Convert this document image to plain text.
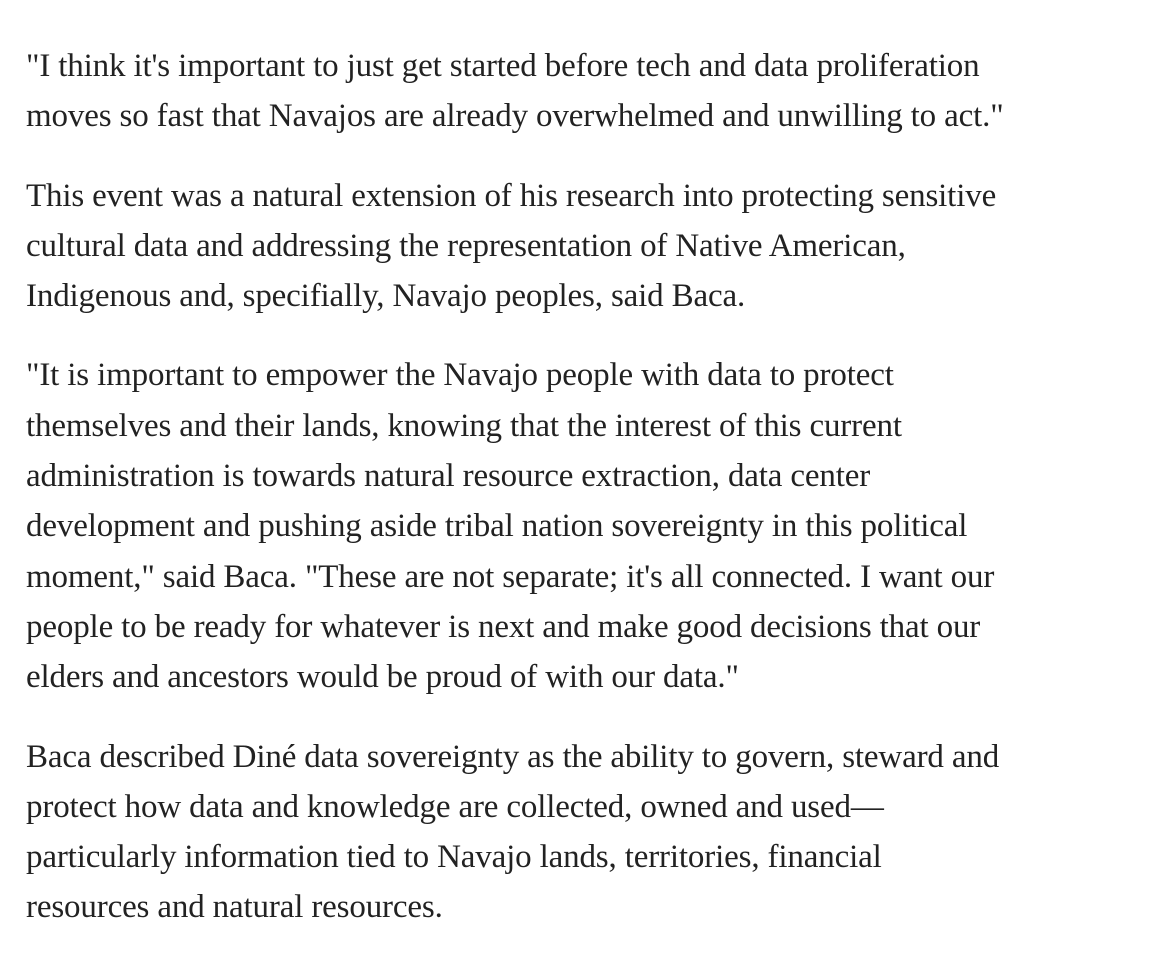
"I think it's important to just get started before tech and data proliferation
moves so fast that Navajos are already overwhelmed and unwilling to act."

This event was a natural extension of his research into protecting sensitive
cultural data and addressing the representation of Native American,
Indigenous and, specifially, Navajo peoples, said Baca.

"It is important to empower the Navajo people with data to protect
themselves and their lands, knowing that the interest of this current
administration is towards natural resource extraction, data center
development and pushing aside tribal nation sovereignty in this political
moment," said Baca. "These are not separate; it's all connected. I want our
people to be ready for whatever is next and make good decisions that our
elders and ancestors would be proud of with our data."

Baca described Diné data sovereignty as the ability to govern, steward and
protect how data and knowledge are collected, owned and used—
particularly information tied to Navajo lands, territories, financial
resources and natural resources.
